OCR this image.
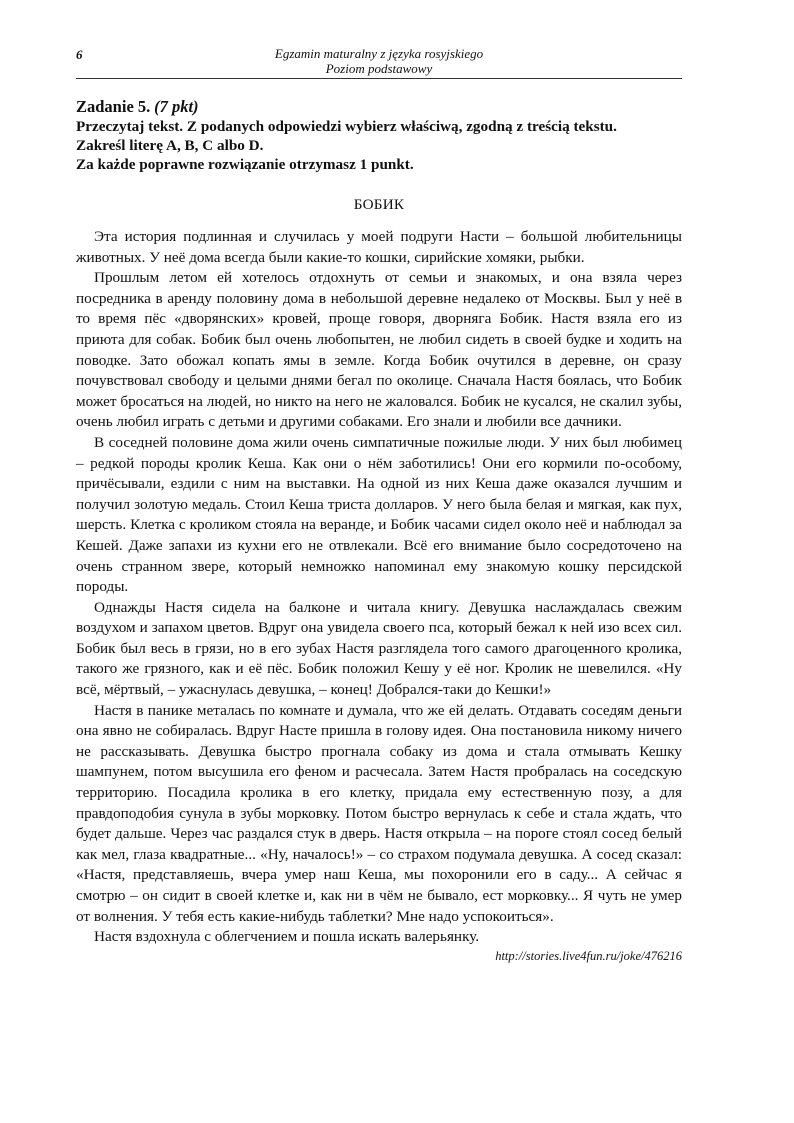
6	Egzamin maturalny z języka rosyjskiego
Poziom podstawowy
Zadanie 5. (7 pkt)
Przeczytaj tekst. Z podanych odpowiedzi wybierz właściwą, zgodną z treścią tekstu.
Zakreśl literę A, B, C albo D.
Za każde poprawne rozwiązanie otrzymasz 1 punkt.
БОБИК

Эта история подлинная и случилась у моей подруги Насти – большой любительницы животных. У неё дома всегда были какие-то кошки, сирийские хомяки, рыбки.

Прошлым летом ей хотелось отдохнуть от семьи и знакомых, и она взяла через посредника в аренду половину дома в небольшой деревне недалеко от Москвы. Был у неё в то время пёс «дворянских» кровей, проще говоря, дворняга Бобик. Настя взяла его из приюта для собак. Бобик был очень любопытен, не любил сидеть в своей будке и ходить на поводке. Зато обожал копать ямы в земле. Когда Бобик очутился в деревне, он сразу почувствовал свободу и целыми днями бегал по околице. Сначала Настя боялась, что Бобик может бросаться на людей, но никто на него не жаловался. Бобик не кусался, не скалил зубы, очень любил играть с детьми и другими собаками. Его знали и любили все дачники.

В соседней половине дома жили очень симпатичные пожилые люди. У них был любимец – редкой породы кролик Кеша. Как они о нём заботились! Они его кормили по-особому, причёсывали, ездили с ним на выставки. На одной из них Кеша даже оказался лучшим и получил золотую медаль. Стоил Кеша триста долларов. У него была белая и мягкая, как пух, шерсть. Клетка с кроликом стояла на веранде, и Бобик часами сидел около неё и наблюдал за Кешей. Даже запахи из кухни его не отвлекали. Всё его внимание было сосредоточено на очень странном звере, который немножко напоминал ему знакомую кошку персидской породы.

Однажды Настя сидела на балконе и читала книгу. Девушка наслаждалась свежим воздухом и запахом цветов. Вдруг она увидела своего пса, который бежал к ней изо всех сил. Бобик был весь в грязи, но в его зубах Настя разглядела того самого драгоценного кролика, такого же грязного, как и её пёс. Бобик положил Кешу у её ног. Кролик не шевелился. «Ну всё, мёртвый, – ужаснулась девушка, – конец! Добрался-таки до Кешки!»

Настя в панике металась по комнате и думала, что же ей делать. Отдавать соседям деньги она явно не собиралась. Вдруг Насте пришла в голову идея. Она постановила никому ничего не рассказывать. Девушка быстро прогнала собаку из дома и стала отмывать Кешку шампунем, потом высушила его феном и расчесала. Затем Настя пробралась на соседскую территорию. Посадила кролика в его клетку, придала ему естественную позу, а для правдоподобия сунула в зубы морковку. Потом быстро вернулась к себе и стала ждать, что будет дальше. Через час раздался стук в дверь. Настя открыла – на пороге стоял сосед белый как мел, глаза квадратные... «Ну, началось!» – со страхом подумала девушка. А сосед сказал: «Настя, представляешь, вчера умер наш Кеша, мы похоронили его в саду... А сейчас я смотрю – он сидит в своей клетке и, как ни в чём не бывало, ест морковку... Я чуть не умер от волнения. У тебя есть какие-нибудь таблетки? Мне надо успокоиться».

Настя вздохнула с облегчением и пошла искать валерьянку.

http://stories.live4fun.ru/joke/476216
